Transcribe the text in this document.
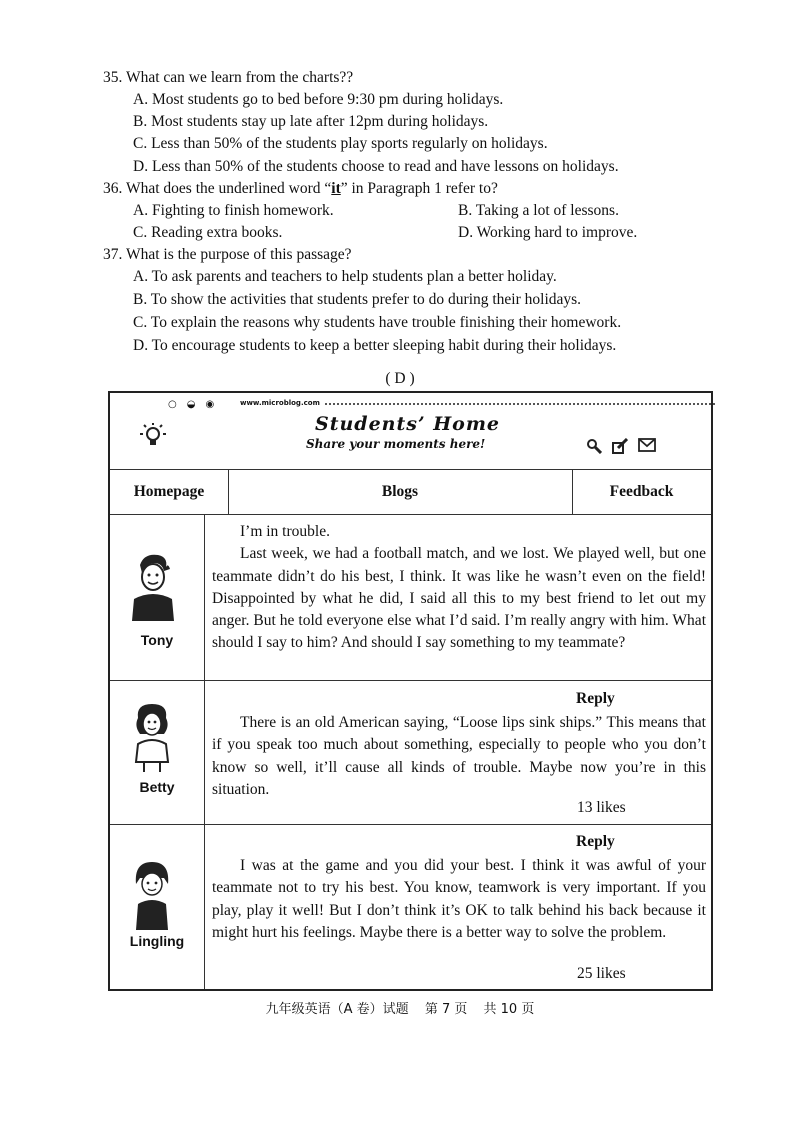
35. What can we learn from the charts??
A. Most students go to bed before 9:30 pm during holidays.
B. Most students stay up late after 12pm during holidays.
C. Less than 50% of the students play sports regularly on holidays.
D. Less than 50% of the students choose to read and have lessons on holidays.
36. What does the underlined word “it” in Paragraph 1 refer to?
A. Fighting to finish homework.	B. Taking a lot of lessons.
C. Reading extra books.	D. Working hard to improve.
37. What is the purpose of this passage?
A. To ask parents and teachers to help students plan a better holiday.
B. To show the activities that students prefer to do during their holidays.
C. To explain the reasons why students have trouble finishing their homework.
D. To encourage students to keep a better sleeping habit during their holidays.
( D )
○◒◉ www.microblog.com
Students’ Home
Share your moments here!
Homepage	Blogs	Feedback
Tony

I’m in trouble.

Last week, we had a football match, and we lost. We played well, but one teammate didn’t do his best, I think. It was like he wasn’t even on the field! Disappointed by what he did, I said all this to my best friend to let out my anger. But he told everyone else what I’d said. I’m really angry with him. What should I say to him? And should I say something to my teammate?

Betty
Reply

There is an old American saying, “Loose lips sink ships.” This means that if you speak too much about something, especially to people who you don’t know so well, it’ll cause all kinds of trouble. Maybe now you’re in this situation.

13 likes
Lingling
Reply

I was at the game and you did your best. I think it was awful of your teammate not to try his best. You know, teamwork is very important. If you play, play it well! But I don’t think it’s OK to talk behind his back because it might hurt his feelings. Maybe there is a better way to solve the problem.

25 likes
九年级英语（A 卷）试题 第 7 页 共 10 页
